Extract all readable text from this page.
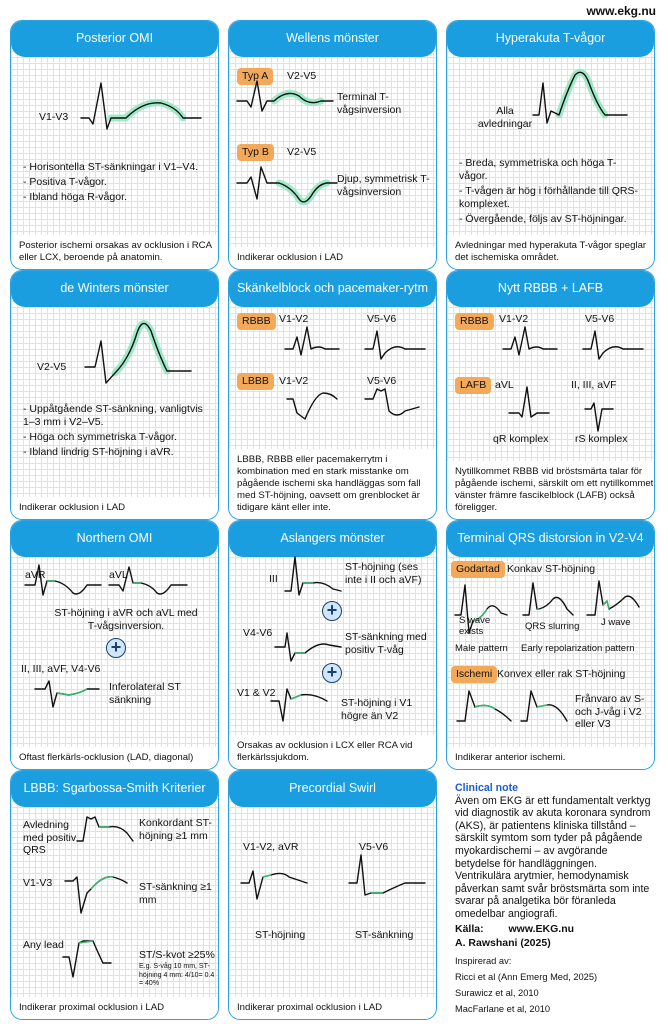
www.ekg.nu
Posterior OMI
V1-V3
- Horisontella ST-sänkningar i V1–V4.
- Positiva T-vågor.
- Ibland höga R-vågor.
Posterior ischemi orsakas av ocklusion i RCA eller LCX, beroende på anatomin.
Wellens mönster
Typ A	V2-V5
Terminal T-vågsinversion
Typ B	V2-V5
Djup, symmetrisk T-vågsinversion
Indikerar ocklusion i LAD
Hyperakuta T-vågor
Alla avledningar
- Breda, symmetriska och höga T-vågor.
- T-vågen är hög i förhållande till QRS-komplexet.
- Övergående, följs av ST-höjningar.
Avledningar med hyperakuta T-vågor speglar det ischemiska området.
de Winters mönster
V2-V5
- Uppåtgående ST-sänkning, vanligtvis 1–3 mm i V2–V5.
- Höga och symmetriska T-vågor.
- Ibland lindrig ST-höjning i aVR.
Indikerar ocklusion i LAD
Skänkelblock och pacemaker-rytm
RBBB V1-V2	V5-V6
LBBB V1-V2	V5-V6
LBBB, RBBB eller pacemakerrytm i kombination med en stark misstanke om pågående ischemi ska handläggas som fall med ST-höjning, oavsett om grenblocket är tidigare känt eller inte.
Nytt RBBB + LAFB
RBBB V1-V2	V5-V6
LAFB aVL	II, III, aVF
qR komplex	rS komplex
Nytillkommet RBBB vid bröstsmärta talar för pågående ischemi, särskilt om ett nytillkommet vänster främre fascikelblock (LAFB) också föreligger.
Northern OMI
aVR	aVL
ST-höjning i aVR och aVL med T-vågsinversion.
+
II, III, aVF, V4-V6
Inferolateral ST sänkning
Oftast flerkärls-ocklusion (LAD, diagonal)
Aslangers mönster
III
ST-höjning (ses inte i II och aVF)
+
V4-V6	ST-sänkning med positiv T-våg
+
V1 & V2
ST-höjning i V1 högre än V2
Orsakas av ocklusion i LCX eller RCA vid flerkärlssjukdom.
Terminal QRS distorsion in V2-V4
Godartad Konkav ST-höjning
S wave exists	QRS slurring J wave
Male pattern Early repolarization pattern
Ischemi Konvex eller rak ST-höjning
Frånvaro av S- och J-våg i V2 eller V3
Indikerar anterior ischemi.
LBBB: Sgarbossa-Smith Kriterier
Avledning med positiv QRS
Konkordant ST-höjning ≥1 mm
V1-V3	ST-sänkning ≥1 mm
Any lead
ST/S-kvot ≥25%
E.g. S-våg 10 mm, ST-höjning 4 mm: 4/10= 0.4 = 40%
Indikerar proximal ocklusion i LAD
Precordial Swirl
V1-V2, aVR	V5-V6
ST-höjning	ST-sänkning
Indikerar proximal ocklusion i LAD
Clinical note

Även om EKG är ett fundamentalt verktyg vid diagnostik av akuta koronara syndrom (AKS), är patientens kliniska tillstånd – särskilt symtom som tyder på pågående myokardischemi – av avgörande betydelse för handläggningen. Ventrikulära arytmier, hemodynamisk påverkan samt svår bröstsmärta som inte svarar på analgetika bör föranleda omedelbar angiografi.

Källa: www.EKG.nu
A. Rawshani (2025)
Inspirerad av:
Ricci et al (Ann Emerg Med, 2025)
Surawicz et al, 2010
MacFarlane et al, 2010
